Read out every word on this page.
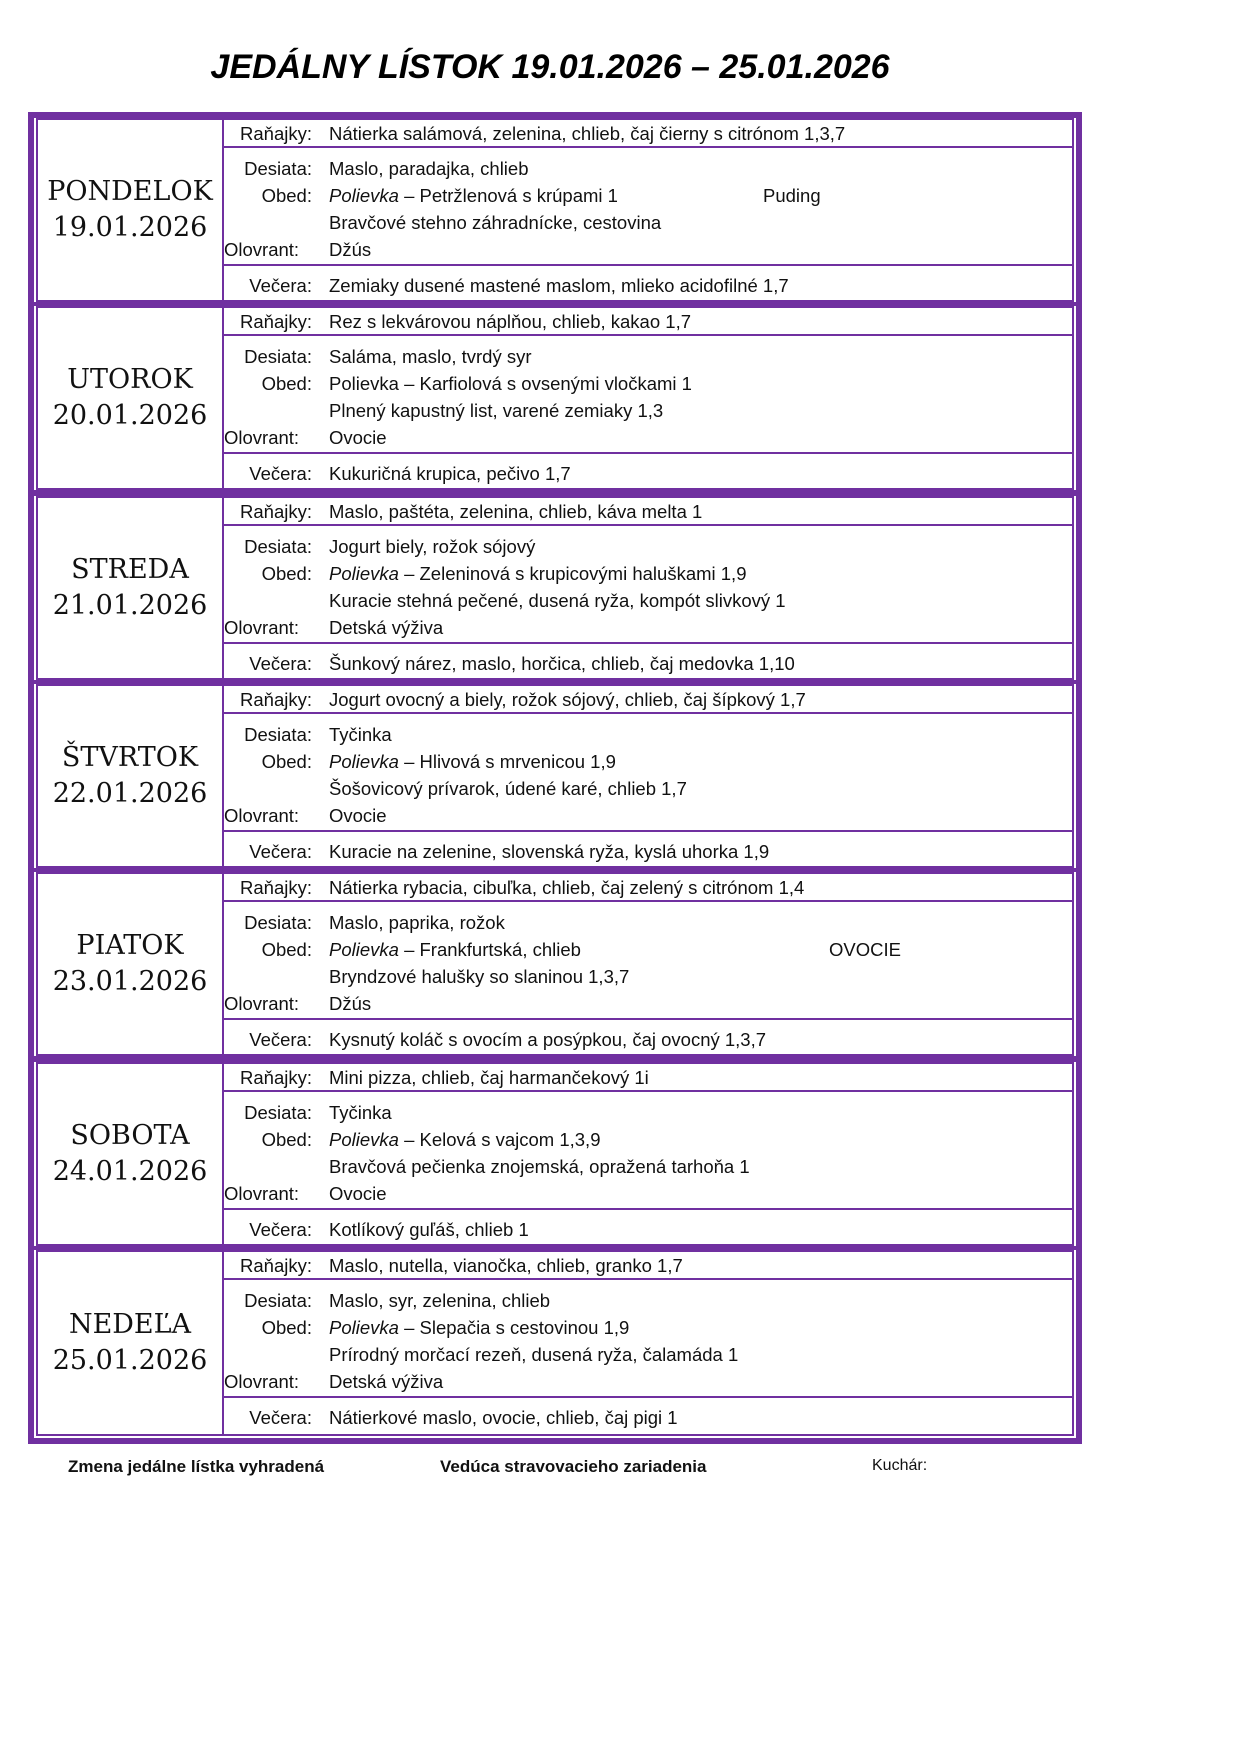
JEDÁLNY LÍSTOK 19.01.2026 – 25.01.2026
PONDELOK
19.01.2026
Raňajky: Nátierka salámová, zelenina, chlieb, čaj čierny s citrónom 1,3,7
Desiata: Maslo, paradajka, chlieb
Obed: Polievka – Petržlenová s krúpami 1	Puding
Bravčové stehno záhradnícke, cestovina
Olovrant:	Džús
Večera: Zemiaky dusené mastené maslom, mlieko acidofilné 1,7
UTOROK
20.01.2026
Raňajky: Rez s lekvárovou náplňou, chlieb, kakao 1,7
Desiata: Saláma, maslo, tvrdý syr
Obed: Polievka – Karfiolová s ovsenými vločkami 1
Plnený kapustný list, varené zemiaky 1,3
Olovrant:	Ovocie
Večera: Kukuričná krupica, pečivo 1,7
STREDA
21.01.2026
Raňajky: Maslo, paštéta, zelenina, chlieb, káva melta 1
Desiata: Jogurt biely, rožok sójový
Obed: Polievka – Zeleninová s krupicovými haluškami 1,9
Kuracie stehná pečené, dusená ryža, kompót slivkový 1
Olovrant:	Detská výživa
Večera: Šunkový nárez, maslo, horčica, chlieb, čaj medovka 1,10
ŠTVRTOK
22.01.2026
Raňajky: Jogurt ovocný a biely, rožok sójový, chlieb, čaj šípkový 1,7
Desiata: Tyčinka
Obed: Polievka – Hlivová s mrvenicou 1,9
Šošovicový prívarok, údené karé, chlieb 1,7
Olovrant:	Ovocie
Večera: Kuracie na zelenine, slovenská ryža, kyslá uhorka 1,9
PIATOK
23.01.2026
Raňajky: Nátierka rybacia, cibuľka, chlieb, čaj zelený s citrónom 1,4
Desiata: Maslo, paprika, rožok
Obed: Polievka – Frankfurtská, chlieb	OVOCIE
Bryndzové halušky so slaninou 1,3,7
Olovrant:	Džús
Večera: Kysnutý koláč s ovocím a posýpkou, čaj ovocný 1,3,7
SOBOTA
24.01.2026
Raňajky: Mini pizza, chlieb, čaj harmančekový 1i
Desiata: Tyčinka
Obed: Polievka – Kelová s vajcom 1,3,9
Bravčová pečienka znojemská, opražená tarhoňa 1
Olovrant:	Ovocie
Večera: Kotlíkový guľáš, chlieb 1
NEDEĽA
25.01.2026
Raňajky: Maslo, nutella, vianočka, chlieb, granko 1,7
Desiata: Maslo, syr, zelenina, chlieb
Obed: Polievka – Slepačia s cestovinou 1,9
Prírodný morčací rezeň, dusená ryža, čalamáda 1
Olovrant:	Detská výživa
Večera: Nátierkové maslo, ovocie, chlieb, čaj pigi 1
Zmena jedálne lístka vyhradená	Vedúca stravovacieho zariadenia	Kuchár:
